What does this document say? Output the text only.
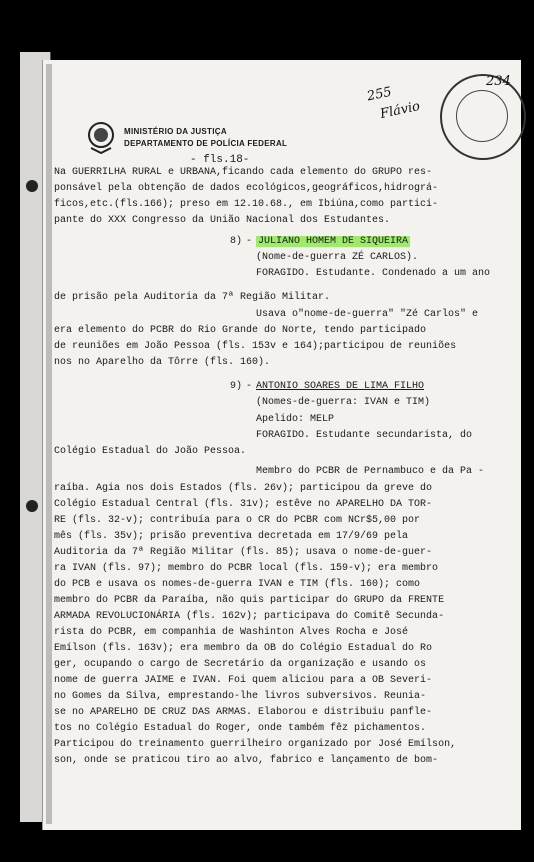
MINISTÉRIO DA JUSTIÇA
DEPARTAMENTO DE POLÍCIA FEDERAL
234
255
Flávio
- fls.18-
Na GUERRILHA RURAL e URBANA,ficando cada elemento do GRUPO res-
ponsável pela obtenção de dados ecológicos,geográficos,hidrográ-
ficos,etc.(fls.166); preso em 12.10.68., em Ibiúna,como partici-
pante do XXX Congresso da União Nacional dos Estudantes.
8) - JULIANO HOMEM DE SIQUEIRA
(Nome-de-guerra ZÉ CARLOS).
FORAGIDO. Estudante. Condenado a um ano
de prisão pela Auditoria da 7ª Região Militar.
Usava o"nome-de-guerra" "Zé Carlos" e
era elemento do PCBR do Rio Grande do Norte, tendo participado
de reuniões em João Pessoa (fls. 153v e 164);participou de reuniões
nos no Aparelho da Tôrre (fls. 160).
9) - ANTONIO SOARES DE LIMA FILHO
(Nomes-de-guerra: IVAN e TIM)
Apelido: MELP
FORAGIDO. Estudante secundarista, do
Colégio Estadual do João Pessoa.
Membro do PCBR de Pernambuco e da Pa -
raíba. Agia nos dois Estados (fls. 26v); participou da greve do
Colégio Estadual Central (fls. 31v); estêve no APARELHO DA TOR-
RE (fls. 32-v); contribuía para o CR do PCBR com NCr$5,00 por
mês (fls. 35v); prisão preventiva decretada em 17/9/69 pela
Auditoria da 7ª Região Militar (fls. 85); usava o nome-de-guer-
ra IVAN (fls. 97); membro do PCBR local (fls. 159-v); era membro
do PCB e usava os nomes-de-guerra IVAN e TIM (fls. 160); como
membro do PCBR da Paraíba, não quis participar do GRUPO da FRENTE
ARMADA REVOLUCIONÁRIA (fls. 162v); participava do Comitê Secunda-
rista do PCBR, em companhia de Washinton Alves Rocha e José
Emílson (fls. 163v); era membro da OB do Colégio Estadual do Ro
ger, ocupando o cargo de Secretário da organização e usando os
nome de guerra JAIME e IVAN. Foi quem aliciou para a OB Severi-
no Gomes da Silva, emprestando-lhe livros subversivos. Reunia-
se no APARELHO DE CRUZ DAS ARMAS. Elaborou e distribuiu panfle-
tos no Colégio Estadual do Roger, onde também fêz pichamentos.
Participou do treinamento guerrilheiro organizado por José Emílson,
son, onde se praticou tiro ao alvo, fabrico e lançamento de bom-
